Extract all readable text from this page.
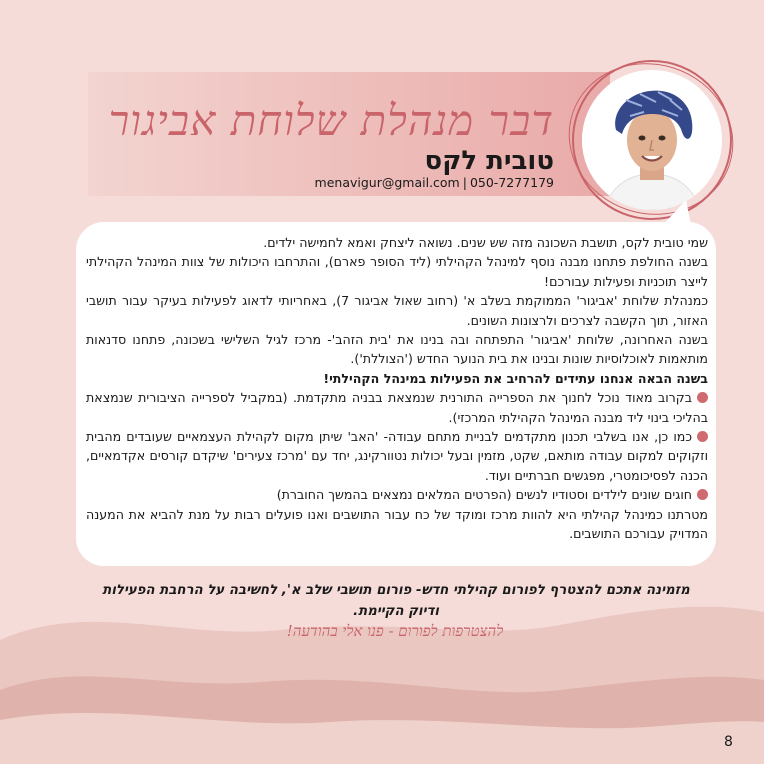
דבר מנהלת שלוחת אביגור
טובית לקס
menavigur@gmail.com | 050-7277179

שמי טובית לקס, תושבת השכונה מזה שש שנים. נשואה ליצחק ואמא לחמישה ילדים.

בשנה החולפת פתחנו מבנה נוסף למינהל הקהילתי (ליד הסופר פארם), והתרחבו היכולות של צוות המינהל הקהילתי לייצר תוכניות ופעילות עבורכם!

כמנהלת שלוחת 'אביגור' הממוקמת בשלב א' (רחוב שאול אביגור 7), באחריותי לדאוג לפעילות בעיקר עבור תושבי האזור, תוך הקשבה לצרכים ולרצונות השונים.

בשנה האחרונה, שלוחת 'אביגור' התפתחה ובה בנינו את 'בית הזהב'- מרכז לגיל השלישי בשכונה, פתחנו סדנאות מותאמות לאוכלוסיות שונות ובנינו את בית הנוער החדש ('הצוללת').

בשנה הבאה אנחנו עתידים להרחיב את הפעילות במינהל הקהילתי!

בקרוב מאוד נוכל לחנוך את הספרייה התורנית שנמצאת בבניה מתקדמת. (במקביל לספרייה הציבורית שנמצאת בהליכי בינוי ליד מבנה המינהל הקהילתי המרכזי).

כמו כן, אנו בשלבי תכנון מתקדמים לבניית מתחם עבודה- 'האב' שיתן מקום לקהילת העצמאיים שעובדים מהבית וזקוקים למקום עבודה מותאם, שקט, מזמין ובעל יכולות נטוורקינג, יחד עם 'מרכז צעירים' שיקדם קורסים אקדמאיים, הכנה לפסיכומטרי, מפגשים חברתיים ועוד.

חוגים שונים לילדים וסטודיו לנשים (הפרטים המלאים נמצאים בהמשך החוברת)

מטרתנו כמינהל קהילתי היא להוות מרכז ומוקד של כח עבור התושבים ואנו פועלים רבות על מנת להביא את המענה המדויק עבורכם התושבים.

מזמינה אתכם להצטרף לפורום קהילתי חדש- פורום תושבי שלב א', לחשיבה על הרחבת הפעילות ודיוק הקיימת.
להצטרפות לפורום - פנו אלי בהודעה!
8
